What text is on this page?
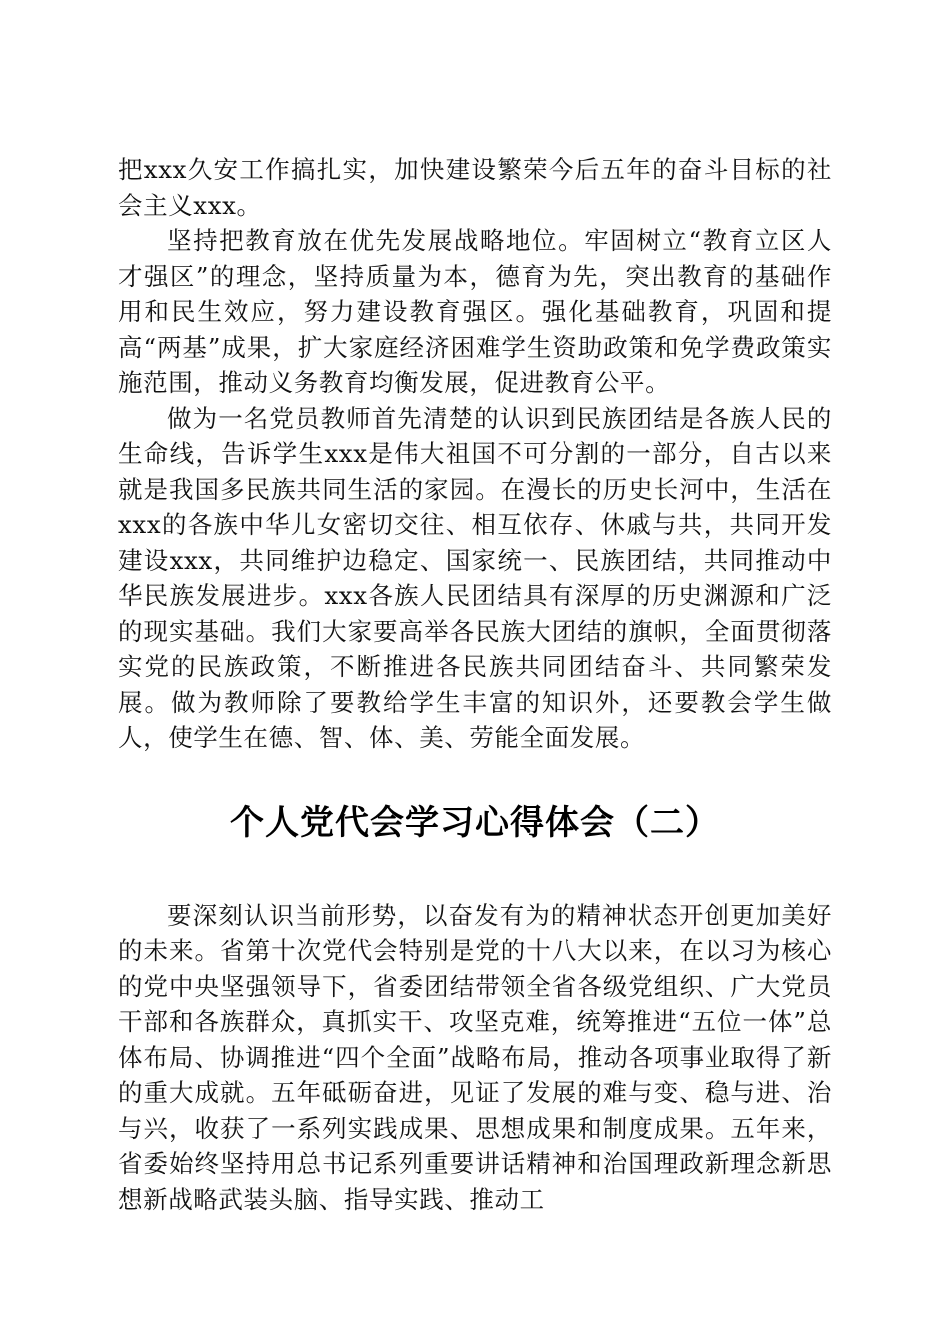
把xxx久安工作搞扎实，加快建设繁荣今后五年的奋斗目标的社会主义xxx。

坚持把教育放在优先发展战略地位。牢固树立“教育立区人才强区”的理念，坚持质量为本，德育为先，突出教育的基础作用和民生效应，努力建设教育强区。强化基础教育，巩固和提高“两基”成果，扩大家庭经济困难学生资助政策和免学费政策实施范围，推动义务教育均衡发展，促进教育公平。

做为一名党员教师首先清楚的认识到民族团结是各族人民的生命线，告诉学生xxx是伟大祖国不可分割的一部分，自古以来就是我国多民族共同生活的家园。在漫长的历史长河中，生活在xxx的各族中华儿女密切交往、相互依存、休戚与共，共同开发建设xxx，共同维护边稳定、国家统一、民族团结，共同推动中华民族发展进步。xxx各族人民团结具有深厚的历史渊源和广泛的现实基础。我们大家要高举各民族大团结的旗帜，全面贯彻落实党的民族政策，不断推进各民族共同团结奋斗、共同繁荣发展。做为教师除了要教给学生丰富的知识外，还要教会学生做人，使学生在德、智、体、美、劳能全面发展。

个人党代会学习心得体会（二）

要深刻认识当前形势，以奋发有为的精神状态开创更加美好的未来。省第十次党代会特别是党的十八大以来，在以习为核心的党中央坚强领导下，省委团结带领全省各级党组织、广大党员干部和各族群众，真抓实干、攻坚克难，统筹推进“五位一体”总体布局、协调推进“四个全面”战略布局，推动各项事业取得了新的重大成就。五年砥砺奋进，见证了发展的难与变、稳与进、治与兴，收获了一系列实践成果、思想成果和制度成果。五年来，省委始终坚持用总书记系列重要讲话精神和治国理政新理念新思想新战略武装头脑、指导实践、推动工
